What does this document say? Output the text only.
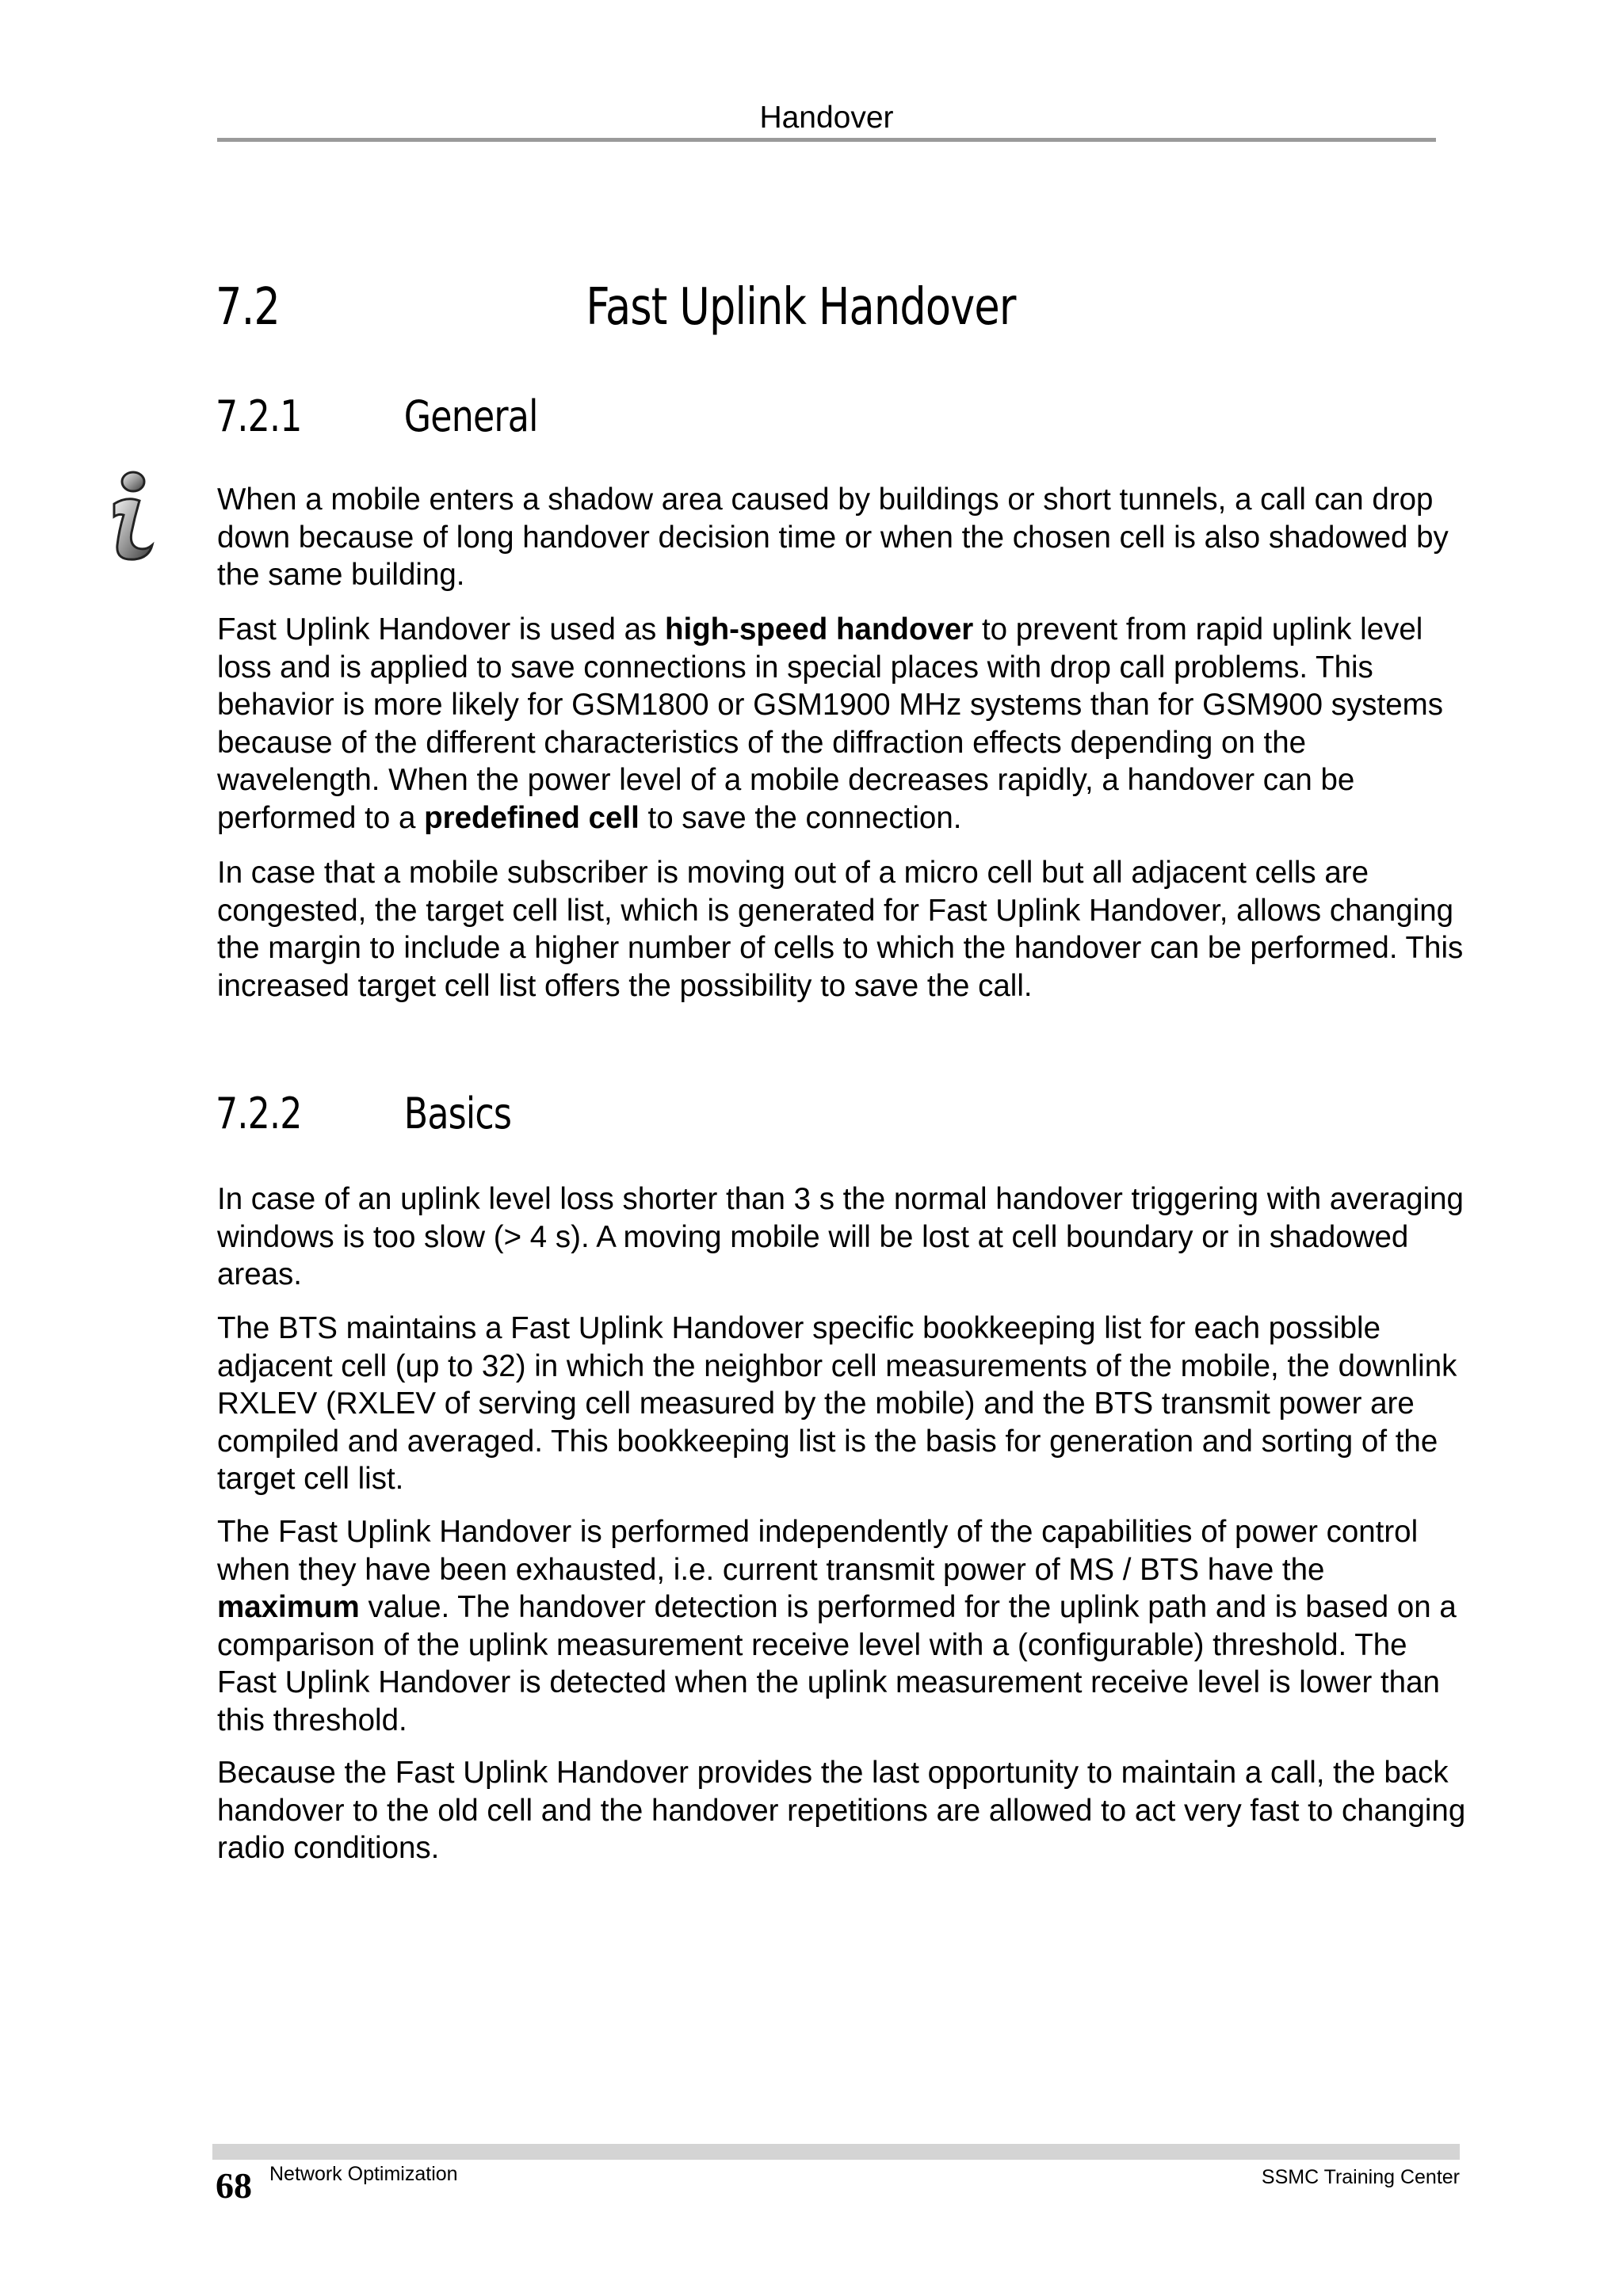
Handover
7.2	Fast Uplink Handover
7.2.1 General

When a mobile enters a shadow area caused by buildings or short tunnels, a call can drop down because of long handover decision time or when the chosen cell is also shadowed by the same building.

Fast Uplink Handover is used as high-speed handover to prevent from rapid uplink level loss and is applied to save connections in special places with drop call problems. This behavior is more likely for GSM1800 or GSM1900 MHz systems than for GSM900 systems because of the different characteristics of the diffraction effects depending on the wavelength. When the power level of a mobile decreases rapidly, a handover can be performed to a predefined cell to save the connection.

In case that a mobile subscriber is moving out of a micro cell but all adjacent cells are congested, the target cell list, which is generated for Fast Uplink Handover, allows changing the margin to include a higher number of cells to which the handover can be performed. This increased target cell list offers the possibility to save the call.

7.2.2 Basics

In case of an uplink level loss shorter than 3 s the normal handover triggering with averaging windows is too slow (> 4 s). A moving mobile will be lost at cell boundary or in shadowed areas.

The BTS maintains a Fast Uplink Handover specific bookkeeping list for each possible adjacent cell (up to 32) in which the neighbor cell measurements of the mobile, the downlink RXLEV (RXLEV of serving cell measured by the mobile) and the BTS transmit power are compiled and averaged. This bookkeeping list is the basis for generation and sorting of the target cell list.

The Fast Uplink Handover is performed independently of the capabilities of power control when they have been exhausted, i.e. current transmit power of MS / BTS have the maximum value. The handover detection is performed for the uplink path and is based on a comparison of the uplink measurement receive level with a (configurable) threshold. The Fast Uplink Handover is detected when the uplink measurement receive level is lower than this threshold.

Because the Fast Uplink Handover provides the last opportunity to maintain a call, the back handover to the old cell and the handover repetitions are allowed to act very fast to changing radio conditions.

68 Network Optimization	SSMC Training Center
